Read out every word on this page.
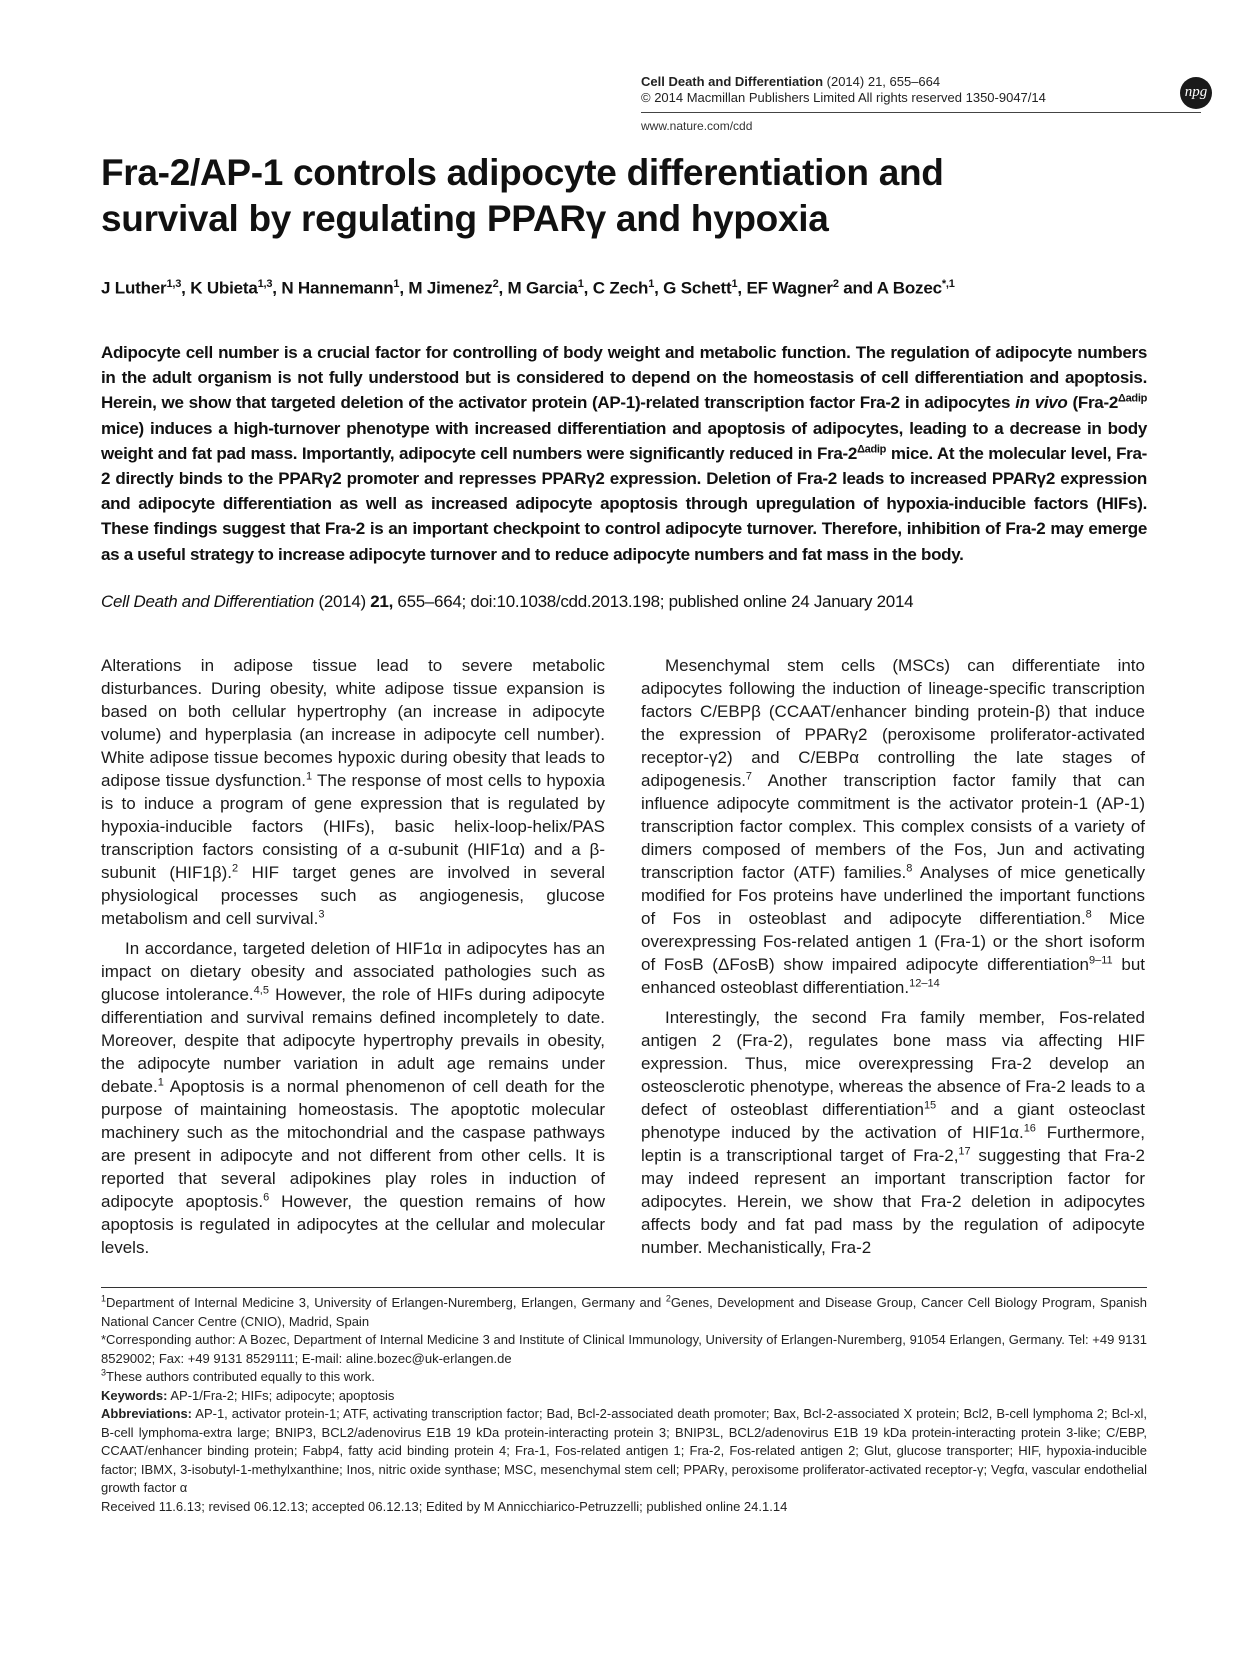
Cell Death and Differentiation (2014) 21, 655–664
© 2014 Macmillan Publishers Limited All rights reserved 1350-9047/14	npg
www.nature.com/cdd
Fra-2/AP-1 controls adipocyte differentiation and
survival by regulating PPARγ and hypoxia
J Luther$^{1,3}$, K Ubieta$^{1,3}$, N Hannemann$^1$, M Jimenez$^2$, M Garcia$^1$, C Zech$^1$, G Schett$^1$, EF Wagner$^2$ and A Bozec$^{*,1}$

Adipocyte cell number is a crucial factor for controlling of body weight and metabolic function. The regulation of adipocyte numbers in the adult organism is not fully understood but is considered to depend on the homeostasis of cell differentiation and apoptosis. Herein, we show that targeted deletion of the activator protein (AP-1)-related transcription factor Fra-2 in adipocytes in vivo ($Fra-2^{\Delta adip}$ mice) induces a high-turnover phenotype with increased differentiation and apoptosis of adipocytes, leading to a decrease in body weight and fat pad mass. Importantly, adipocyte cell numbers were significantly reduced in Fra-$2^{\Delta adip}$ mice. At the molecular level, Fra-2 directly binds to the PPARγ2 promoter and represses PPARγ2 expression. Deletion of Fra-2 leads to increased PPARγ2 expression and adipocyte differentiation as well as increased adipocyte apoptosis through upregulation of hypoxia-inducible factors (HIFs). These findings suggest that Fra-2 is an important checkpoint to control adipocyte turnover. Therefore, inhibition of Fra-2 may emerge as a useful strategy to increase adipocyte turnover and to reduce adipocyte numbers and fat mass in the body.

Cell Death and Differentiation (2014) 21, 655–664; doi:10.1038/cdd.2013.198; published online 24 January 2014

Alterations in adipose tissue lead to severe metabolic disturbances. During obesity, white adipose tissue expansion is based on both cellular hypertrophy (an increase in adipocyte volume) and hyperplasia (an increase in adipocyte cell number). White adipose tissue becomes hypoxic during obesity that leads to adipose tissue dysfunction.$^1$ The response of most cells to hypoxia is to induce a program of gene expression that is regulated by hypoxia-inducible factors (HIFs), basic helix-loop-helix/PAS transcription factors consisting of a α-subunit (HIF1α) and a β-subunit (HIF1β).$^2$ HIF target genes are involved in several physiological processes such as angiogenesis, glucose metabolism and cell survival.$^3$

In accordance, targeted deletion of HIF1α in adipocytes has an impact on dietary obesity and associated pathologies such as glucose intolerance.$^{4,5}$ However, the role of HIFs during adipocyte differentiation and survival remains defined incompletely to date. Moreover, despite that adipocyte hypertrophy prevails in obesity, the adipocyte number variation in adult age remains under debate.$^1$ Apoptosis is a normal phenomenon of cell death for the purpose of maintaining homeostasis. The apoptotic molecular machinery such as the mitochondrial and the caspase pathways are present in adipocyte and not different from other cells. It is reported that several adipokines play roles in induction of adipocyte apoptosis.$^6$ However, the question remains of how apoptosis is regulated in adipocytes at the cellular and molecular levels.

Mesenchymal stem cells (MSCs) can differentiate into adipocytes following the induction of lineage-specific transcription factors C/EBPβ (CCAAT/enhancer binding protein-β) that induce the expression of PPARγ2 (peroxisome proliferator-activated receptor-γ2) and C/EBPα controlling the late stages of adipogenesis.$^7$ Another transcription factor family that can influence adipocyte commitment is the activator protein-1 (AP-1) transcription factor complex. This complex consists of a variety of dimers composed of members of the Fos, Jun and activating transcription factor (ATF) families.$^8$ Analyses of mice genetically modified for Fos proteins have underlined the important functions of Fos in osteoblast and adipocyte differentiation.$^8$ Mice overexpressing Fos-related antigen 1 (Fra-1) or the short isoform of FosB (ΔFosB) show impaired adipocyte differentiation$^{9-11}$ but enhanced osteoblast differentiation.$^{12-14}$

Interestingly, the second Fra family member, Fos-related antigen 2 (Fra-2), regulates bone mass via affecting HIF expression. Thus, mice overexpressing Fra-2 develop an osteosclerotic phenotype, whereas the absence of Fra-2 leads to a defect of osteoblast differentiation$^{15}$ and a giant osteoclast phenotype induced by the activation of HIF1α.$^{16}$ Furthermore, leptin is a transcriptional target of Fra-2,17 suggesting that Fra-2 may indeed represent an important transcription factor for adipocytes. Herein, we show that Fra-2 deletion in adipocytes affects body and fat pad mass by the regulation of adipocyte number. Mechanistically, Fra-2

$^1$Department of Internal Medicine 3, University of Erlangen-Nuremberg, Erlangen, Germany and $^2$Genes, Development and Disease Group, Cancer Cell Biology Program, Spanish National Cancer Centre (CNIO), Madrid, Spain

*Corresponding author: A Bozec, Department of Internal Medicine 3 and Institute of Clinical Immunology, University of Erlangen-Nuremberg, 91054 Erlangen, Germany. Tel: +49 9131 8529002; Fax: +49 9131 8529111; E-mail: aline.bozec@uk-erlangen.de

$^3$These authors contributed equally to this work.

Keywords: AP-1/Fra-2; HIFs; adipocyte; apoptosis

Abbreviations: AP-1, activator protein-1; ATF, activating transcription factor; Bad, Bcl-2-associated death promoter; Bax, Bcl-2-associated X protein; Bcl2, B-cell lymphoma 2; Bcl-xl, B-cell lymphoma-extra large; BNIP3, BCL2/adenovirus E1B 19 kDa protein-interacting protein 3; BNIP3L, BCL2/adenovirus E1B 19 kDa protein-interacting protein 3-like; C/EBP, CCAAT/enhancer binding protein; Fabp4, fatty acid binding protein 4; Fra-1, Fos-related antigen 1; Fra-2, Fos-related antigen 2; Glut, glucose transporter; HIF, hypoxia-inducible factor; IBMX, 3-isobutyl-1-methylxanthine; Inos, nitric oxide synthase; MSC, mesenchymal stem cell; PPARγ, peroxisome proliferator-activated receptor-γ; Vegfα, vascular endothelial growth factor α

Received 11.6.13; revised 06.12.13; accepted 06.12.13; Edited by M Annicchiarico-Petruzzelli; published online 24.1.14
